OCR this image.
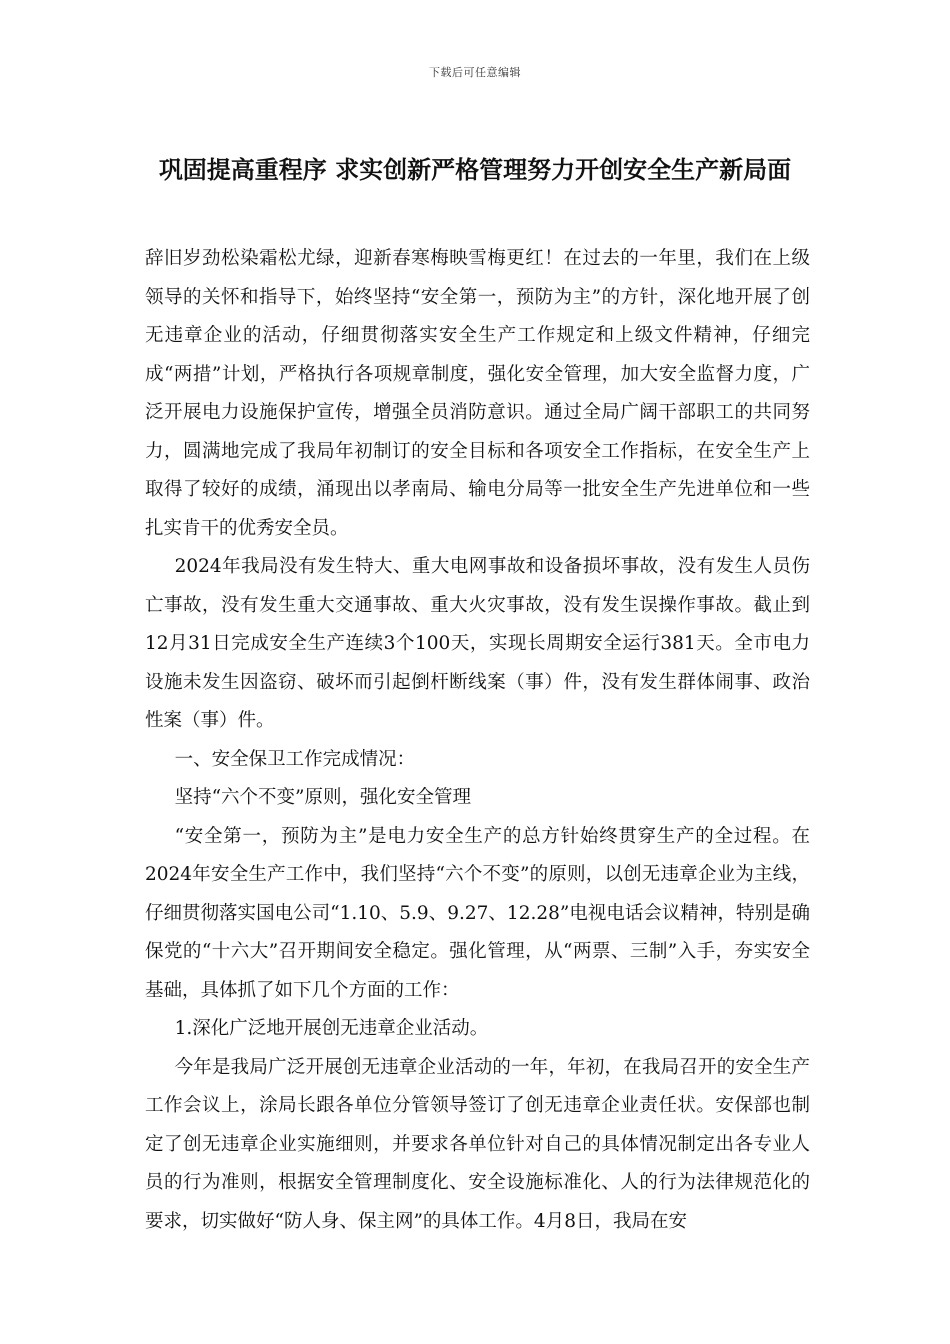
下载后可任意编辑
巩固提高重程序 求实创新严格管理努力开创安全生产新局面

辞旧岁劲松染霜松尤绿，迎新春寒梅映雪梅更红！在过去的一年里，我们在上级领导的关怀和指导下，始终坚持“安全第一，预防为主”的方针，深化地开展了创无违章企业的活动，仔细贯彻落实安全生产工作规定和上级文件精神，仔细完成“两措”计划，严格执行各项规章制度，强化安全管理，加大安全监督力度，广泛开展电力设施保护宣传，增强全员消防意识。通过全局广阔干部职工的共同努力，圆满地完成了我局年初制订的安全目标和各项安全工作指标，在安全生产上取得了较好的成绩，涌现出以孝南局、输电分局等一批安全生产先进单位和一些扎实肯干的优秀安全员。

2024年我局没有发生特大、重大电网事故和设备损坏事故，没有发生人员伤亡事故，没有发生重大交通事故、重大火灾事故，没有发生误操作事故。截止到12月31日完成安全生产连续3个100天，实现长周期安全运行381天。全市电力设施未发生因盗窃、破坏而引起倒杆断线案（事）件，没有发生群体闹事、政治性案（事）件。

一、安全保卫工作完成情况：

坚持“六个不变”原则，强化安全管理

“安全第一，预防为主”是电力安全生产的总方针始终贯穿生产的全过程。在2024年安全生产工作中，我们坚持“六个不变”的原则，以创无违章企业为主线，仔细贯彻落实国电公司“1.10、5.9、9.27、12.28”电视电话会议精神，特别是确保党的“十六大”召开期间安全稳定。强化管理，从“两票、三制”入手，夯实安全基础，具体抓了如下几个方面的工作：

1.深化广泛地开展创无违章企业活动。

今年是我局广泛开展创无违章企业活动的一年，年初，在我局召开的安全生产工作会议上，涂局长跟各单位分管领导签订了创无违章企业责任状。安保部也制定了创无违章企业实施细则，并要求各单位针对自己的具体情况制定出各专业人员的行为准则，根据安全管理制度化、安全设施标准化、人的行为法律规范化的要求，切实做好“防人身、保主网”的具体工作。4月8日，我局在安
